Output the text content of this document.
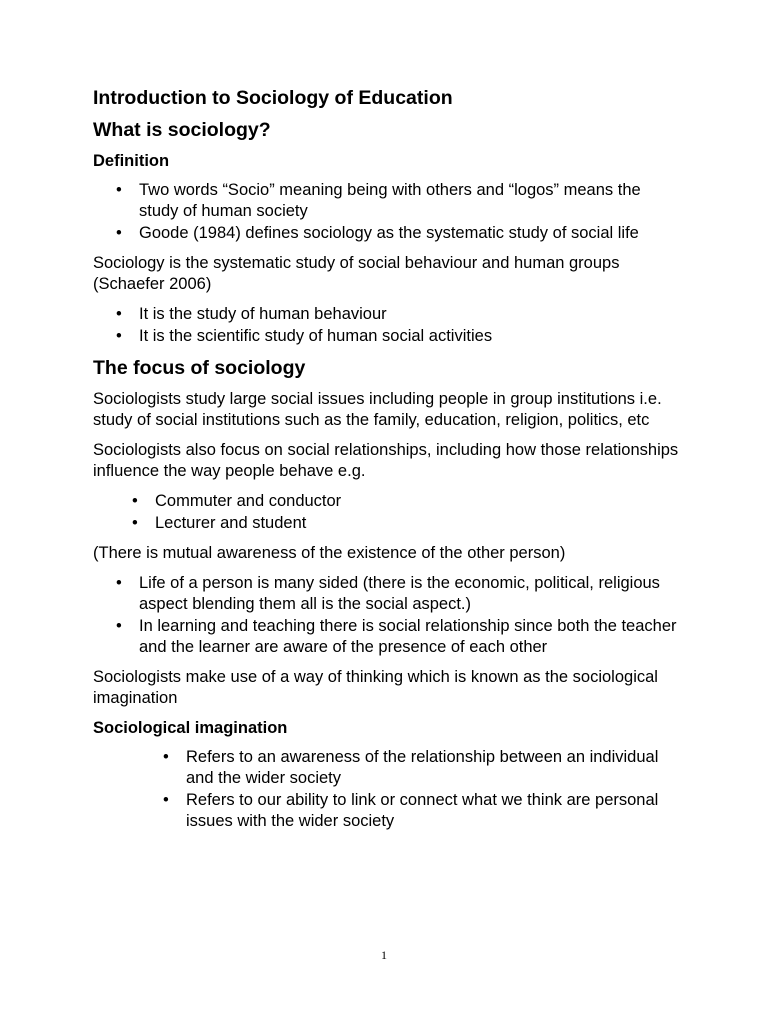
Introduction to Sociology of Education
What is sociology?
Definition
• Two words “Socio” meaning being with others and “logos” means the study of human society
• Goode (1984) defines sociology as the systematic study of social life

Sociology is the systematic study of social behaviour and human groups (Schaefer 2006)

• It is the study of human behaviour
• It is the scientific study of human social activities
The focus of sociology

Sociologists study large social issues including people in group institutions i.e. study of social institutions such as the family, education, religion, politics, etc

Sociologists also focus on social relationships, including how those relationships influence the way people behave e.g.

• Commuter and conductor
• Lecturer and student

(There is mutual awareness of the existence of the other person)

• Life of a person is many sided (there is the economic, political, religious aspect blending them all is the social aspect.)
• In learning and teaching there is social relationship since both the teacher and the learner are aware of the presence of each other

Sociologists make use of a way of thinking which is known as the sociological imagination

Sociological imagination
• Refers to an awareness of the relationship between an individual and the wider society
• Refers to our ability to link or connect what we think are personal issues with the wider society
1
